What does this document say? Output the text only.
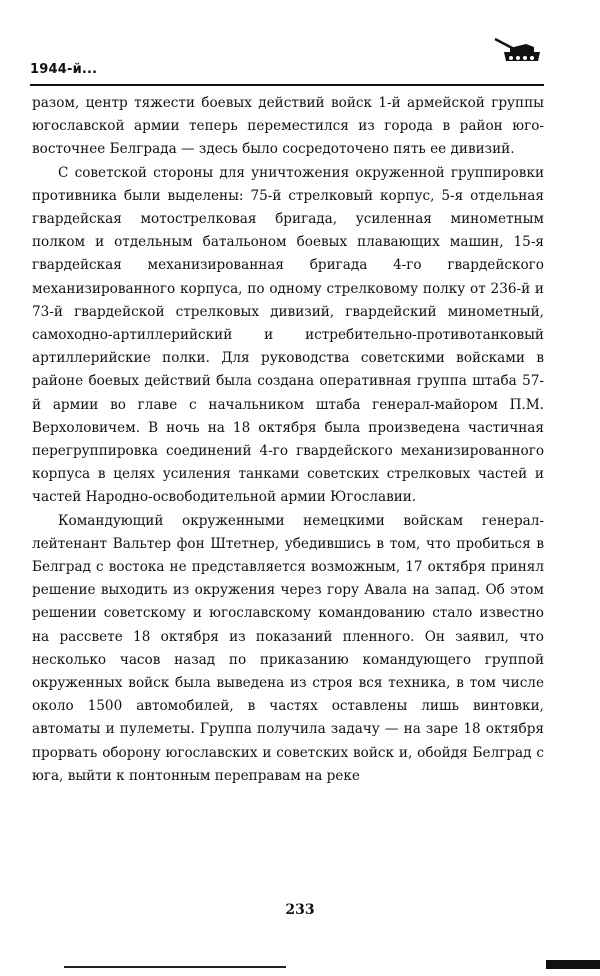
1944-й...

разом, центр тяжести боевых действий войск 1-й армейской группы югославской армии теперь переместился из города в район юго-восточнее Белграда — здесь было сосредоточено пять ее дивизий.

С советской стороны для уничтожения окруженной группировки противника были выделены: 75-й стрелковый корпус, 5-я отдельная гвардейская мотострелковая бригада, усиленная минометным полком и отдельным батальоном боевых плавающих машин, 15-я гвардейская механизированная бригада 4-го гвардейского механизированного корпуса, по одному стрелковому полку от 236-й и 73-й гвардейской стрелковых дивизий, гвардейский минометный, самоходно-артиллерийский и истребительно-противотанковый артиллерийские полки. Для руководства советскими войсками в районе боевых действий была создана оперативная группа штаба 57-й армии во главе с начальником штаба генерал-майором П.М. Верхоловичем. В ночь на 18 октября была произведена частичная перегруппировка соединений 4-го гвардейского механизированного корпуса в целях усиления танками советских стрелковых частей и частей Народно-освободительной армии Югославии.

Командующий окруженными немецкими войскам генерал-лейтенант Вальтер фон Штетнер, убедившись в том, что пробиться в Белград с востока не представляется возможным, 17 октября принял решение выходить из окружения через гору Авала на запад. Об этом решении советскому и югославскому командованию стало известно на рассвете 18 октября из показаний пленного. Он заявил, что несколько часов назад по приказанию командующего группой окруженных войск была выведена из строя вся техника, в том числе около 1500 автомобилей, в частях оставлены лишь винтовки, автоматы и пулеметы. Группа получила задачу — на заре 18 октября прорвать оборону югославских и советских войск и, обойдя Белград с юга, выйти к понтонным переправам на реке

233
